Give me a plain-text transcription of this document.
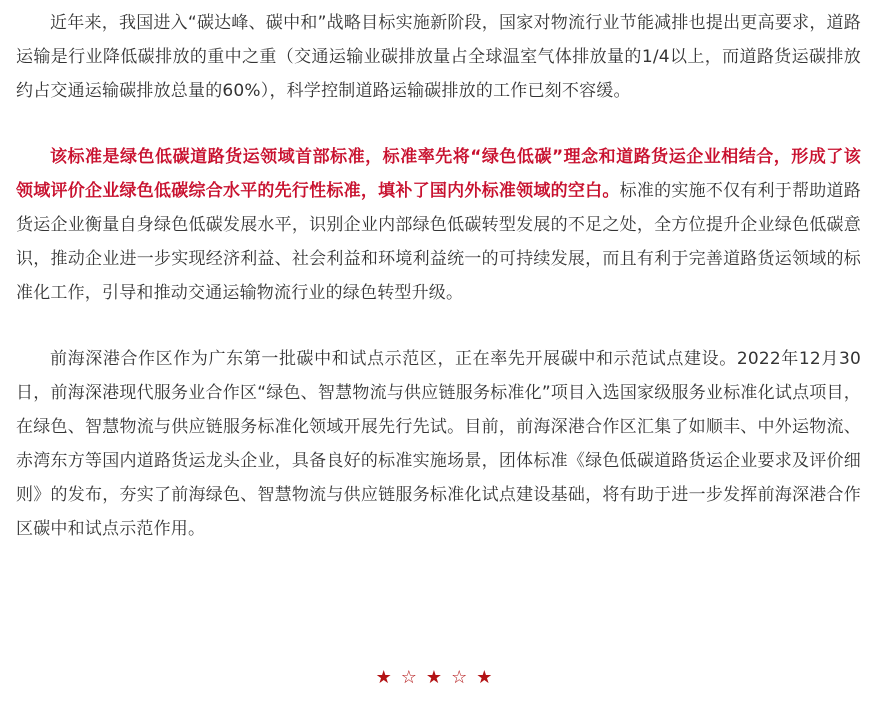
近年来，我国进入“碳达峰、碳中和”战略目标实施新阶段，国家对物流行业节能减排也提出更高要求，道路运输是行业降低碳排放的重中之重（交通运输业碳排放量占全球温室气体排放量的1/4以上，而道路货运碳排放约占交通运输碳排放总量的60%），科学控制道路运输碳排放的工作已刻不容缓。

该标准是绿色低碳道路货运领域首部标准，标准率先将“绿色低碳”理念和道路货运企业相结合，形成了该领域评价企业绿色低碳综合水平的先行性标准，填补了国内外标准领域的空白。标准的实施不仅有利于帮助道路货运企业衡量自身绿色低碳发展水平，识别企业内部绿色低碳转型发展的不足之处，全方位提升企业绿色低碳意识，推动企业进一步实现经济利益、社会利益和环境利益统一的可持续发展，而且有利于完善道路货运领域的标准化工作，引导和推动交通运输物流行业的绿色转型升级。

前海深港合作区作为广东第一批碳中和试点示范区，正在率先开展碳中和示范试点建设。2022年12月30日，前海深港现代服务业合作区“绿色、智慧物流与供应链服务标准化”项目入选国家级服务业标准化试点项目，在绿色、智慧物流与供应链服务标准化领域开展先行先试。目前，前海深港合作区汇集了如顺丰、中外运物流、赤湾东方等国内道路货运龙头企业，具备良好的标准实施场景，团体标准《绿色低碳道路货运企业要求及评价细则》的发布，夯实了前海绿色、智慧物流与供应链服务标准化试点建设基础，将有助于进一步发挥前海深港合作区碳中和试点示范作用。

★☆★☆★
